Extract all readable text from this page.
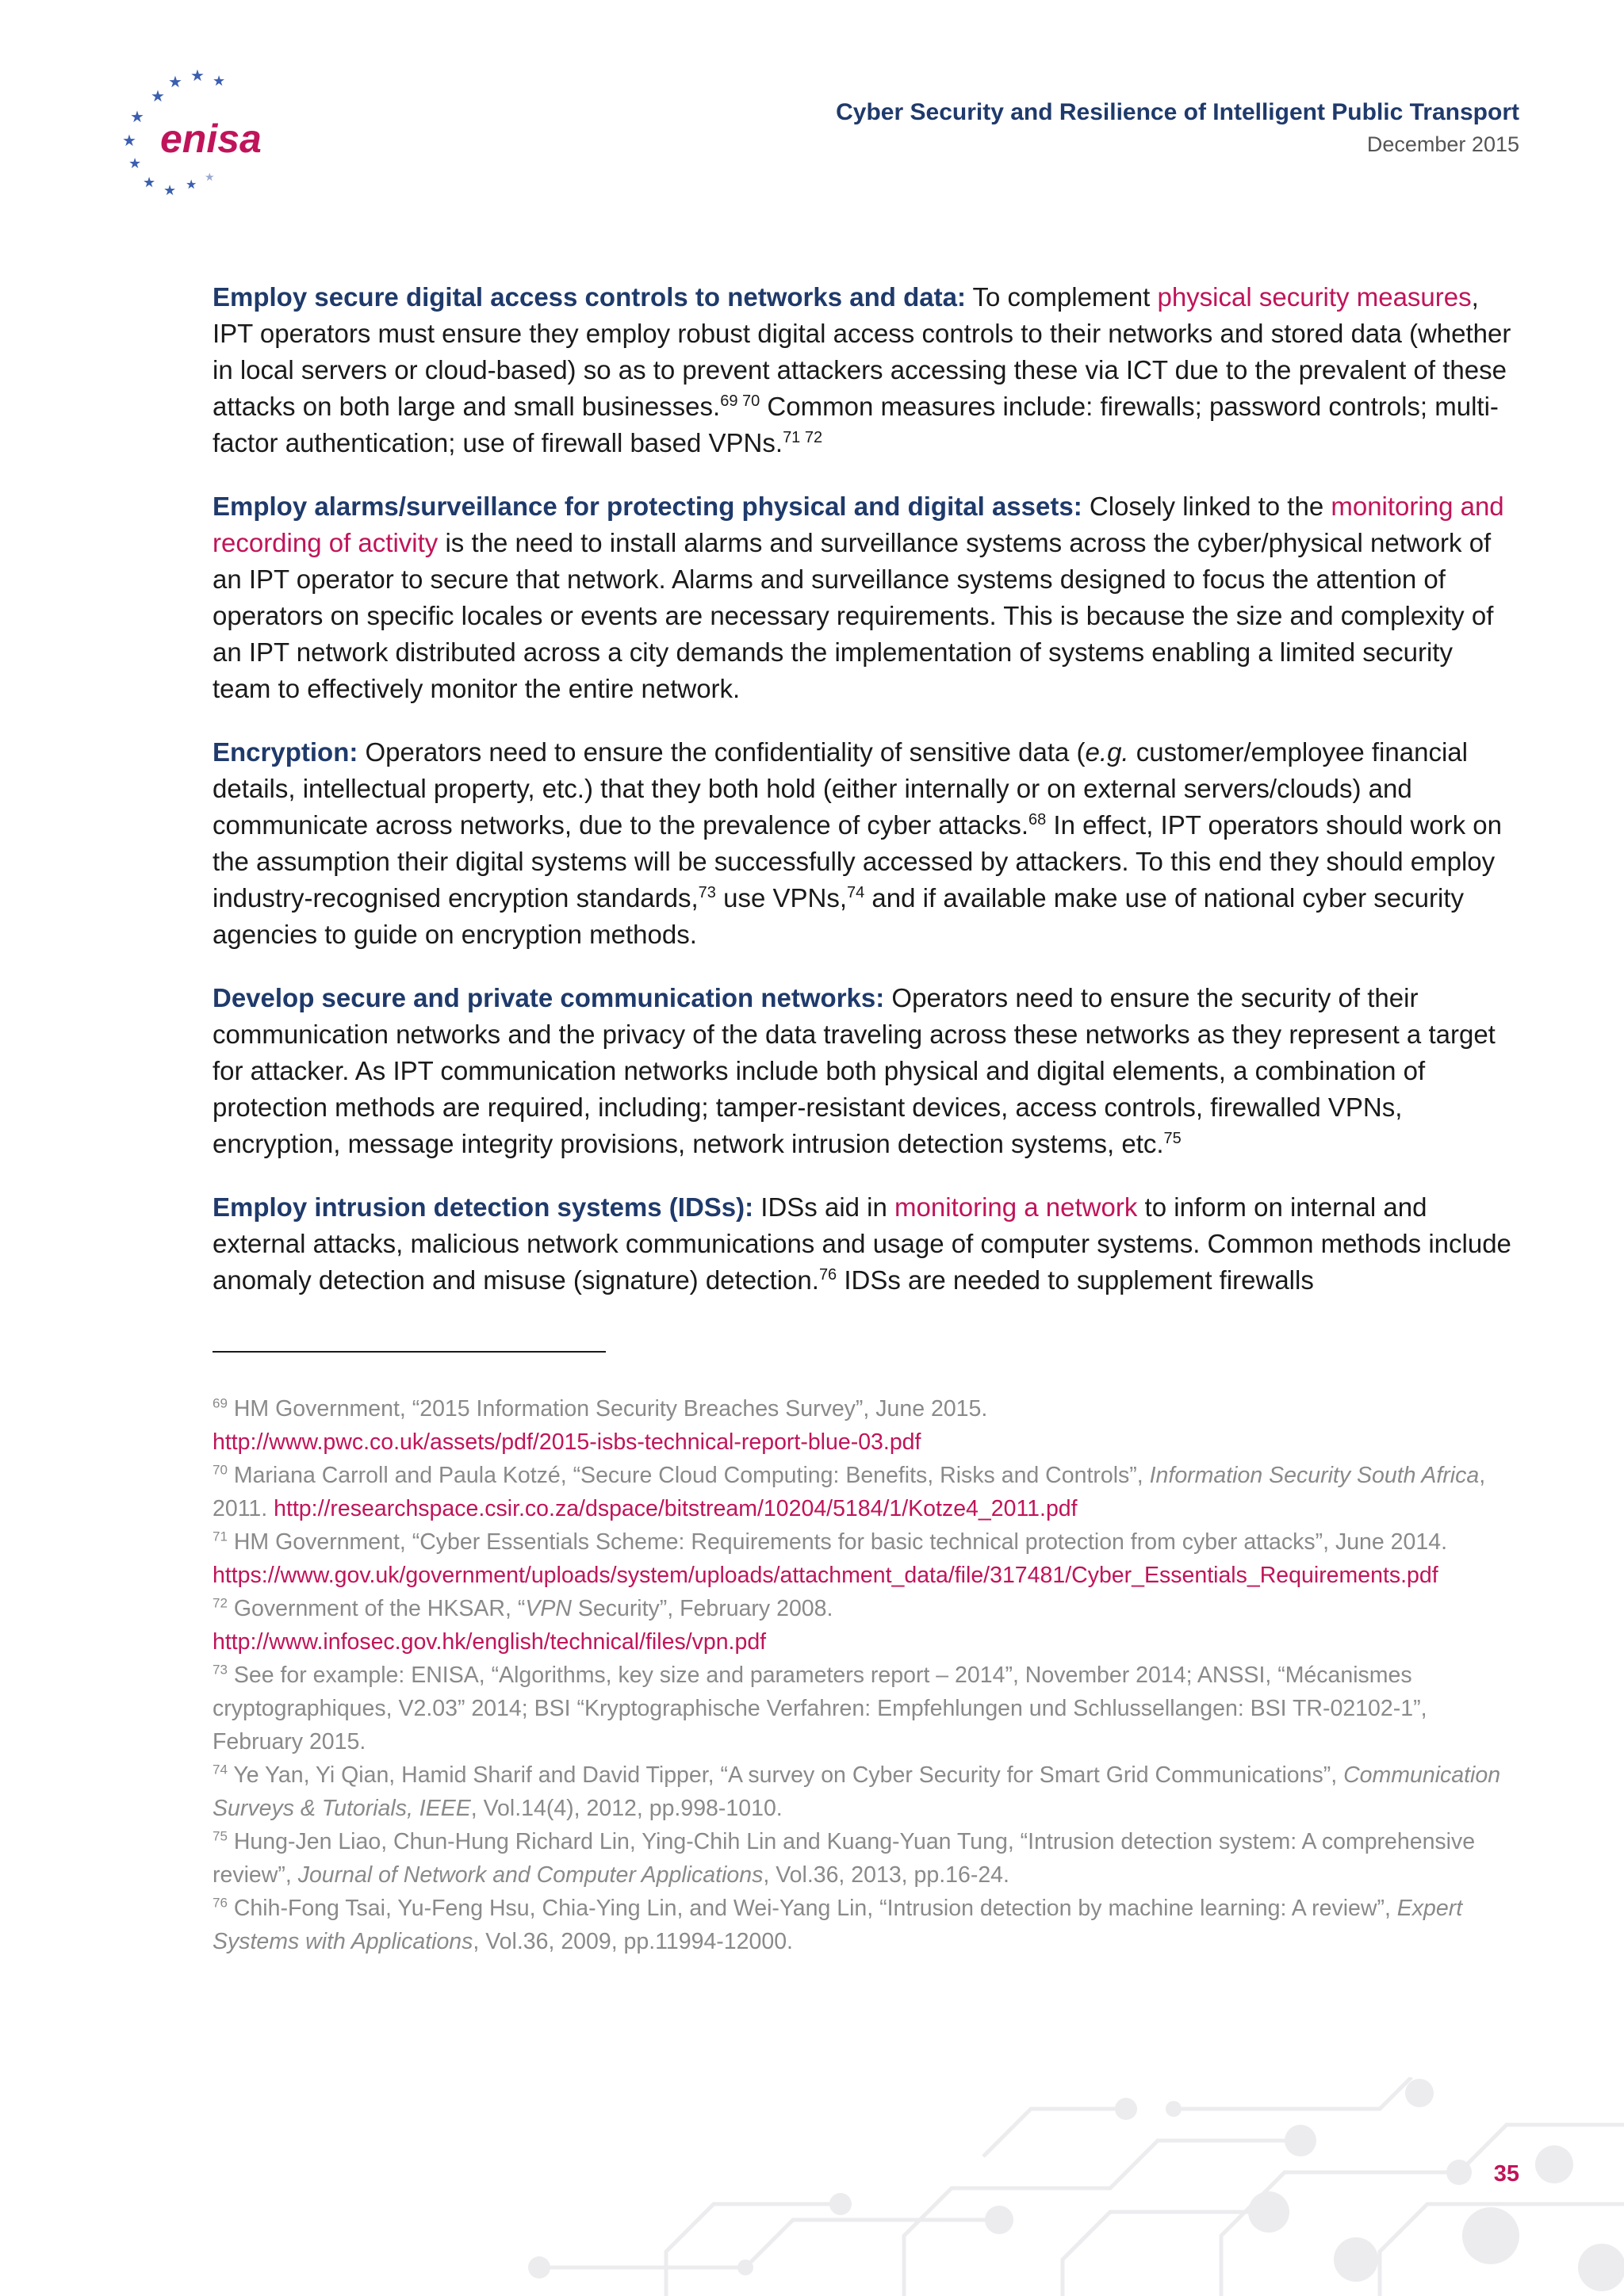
★ ★ ★
★
★
★
★
★ ★ ★
★
enisa
Cyber Security and Resilience of Intelligent Public Transport
December 2015

Employ secure digital access controls to networks and data: To complement physical security measures, IPT operators must ensure they employ robust digital access controls to their networks and stored data (whether in local servers or cloud-based) so as to prevent attackers accessing these via ICT due to the prevalent of these attacks on both large and small businesses.$^{69 70}$ Common measures include: firewalls; password controls; multi-factor authentication; use of firewall based VPNs.$^{71 72}$

Employ alarms/surveillance for protecting physical and digital assets: Closely linked to the monitoring and recording of activity is the need to install alarms and surveillance systems across the cyber/physical network of an IPT operator to secure that network. Alarms and surveillance systems designed to focus the attention of operators on specific locales or events are necessary requirements. This is because the size and complexity of an IPT network distributed across a city demands the implementation of systems enabling a limited security team to effectively monitor the entire network.

Encryption: Operators need to ensure the confidentiality of sensitive data (e.g. customer/employee financial details, intellectual property, etc.) that they both hold (either internally or on external servers/clouds) and communicate across networks, due to the prevalence of cyber attacks.$^{68}$ In effect, IPT operators should work on the assumption their digital systems will be successfully accessed by attackers. To this end they should employ industry-recognised encryption standards,$^{73}$ use VPNs,$^{74}$ and if available make use of national cyber security agencies to guide on encryption methods.

Develop secure and private communication networks: Operators need to ensure the security of their communication networks and the privacy of the data traveling across these networks as they represent a target for attacker. As IPT communication networks include both physical and digital elements, a combination of protection methods are required, including; tamper-resistant devices, access controls, firewalled VPNs, encryption, message integrity provisions, network intrusion detection systems, etc.$^{75}$

Employ intrusion detection systems (IDSs): IDSs aid in monitoring a network to inform on internal and external attacks, malicious network communications and usage of computer systems. Common methods include anomaly detection and misuse (signature) detection.$^{76}$ IDSs are needed to supplement firewalls

$^{69}$ HM Government, “2015 Information Security Breaches Survey”, June 2015.
http://www.pwc.co.uk/assets/pdf/2015-isbs-technical-report-blue-03.pdf

$^{70}$ Mariana Carroll and Paula Kotzé, “Secure Cloud Computing: Benefits, Risks and Controls”, Information Security South Africa, 2011. http://researchspace.csir.co.za/dspace/bitstream/10204/5184/1/Kotze4_2011.pdf

$^{71}$ HM Government, “Cyber Essentials Scheme: Requirements for basic technical protection from cyber attacks”, June 2014.
https://www.gov.uk/government/uploads/system/uploads/attachment_data/file/317481/Cyber_Essentials_Requirements.pdf

$^{72}$ Government of the HKSAR, “VPN Security”, February 2008.
http://www.infosec.gov.hk/english/technical/files/vpn.pdf

$^{73}$ See for example: ENISA, “Algorithms, key size and parameters report – 2014”, November 2014; ANSSI, “Mécanismes cryptographiques, V2.03” 2014; BSI “Kryptographische Verfahren: Empfehlungen und Schlussellangen: BSI TR-02102-1”, February 2015.

$^{74}$ Ye Yan, Yi Qian, Hamid Sharif and David Tipper, “A survey on Cyber Security for Smart Grid Communications”, Communication Surveys & Tutorials, IEEE, Vol.14(4), 2012, pp.998-1010.

$^{75}$ Hung-Jen Liao, Chun-Hung Richard Lin, Ying-Chih Lin and Kuang-Yuan Tung, “Intrusion detection system: A comprehensive review”, Journal of Network and Computer Applications, Vol.36, 2013, pp.16-24.

$^{76}$ Chih-Fong Tsai, Yu-Feng Hsu, Chia-Ying Lin, and Wei-Yang Lin, “Intrusion detection by machine learning: A review”, Expert Systems with Applications, Vol.36, 2009, pp.11994-12000.

35
